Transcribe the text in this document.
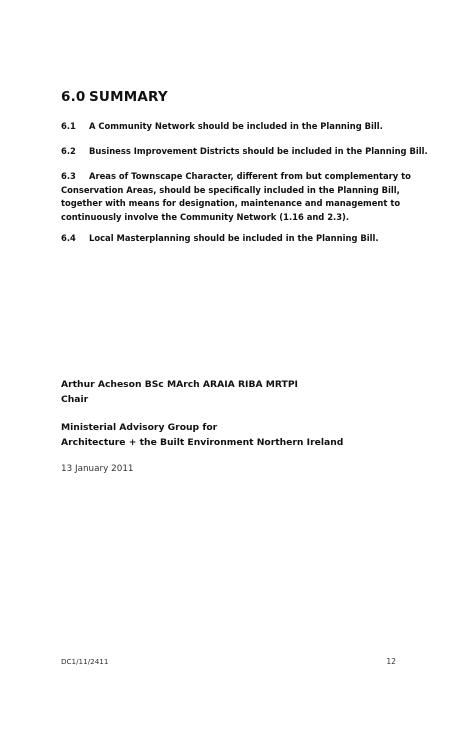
6.0 SUMMARY
6.1 A Community Network should be included in the Planning Bill.
6.2 Business Improvement Districts should be included in the Planning Bill.
6.3 Areas of Townscape Character, different from but complementary to
Conservation Areas, should be specifically included in the Planning Bill,
together with means for designation, maintenance and management to
continuously involve the Community Network (1.16 and 2.3).
6.4 Local Masterplanning should be included in the Planning Bill.
Arthur Acheson BSc MArch ARAIA RIBA MRTPI
Chair
Ministerial Advisory Group for
Architecture + the Built Environment Northern Ireland
13 January 2011
DC1/11/2411	12
